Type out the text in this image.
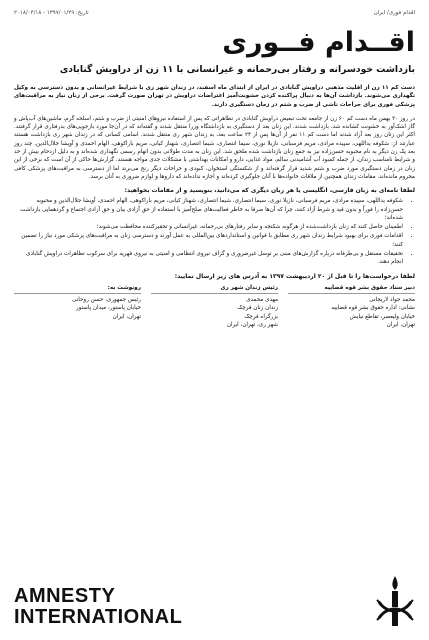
اقدام فوری/ ایران
تاریخ: ۱۳۹۷/۰۱/۲۹ - ۲۰۱۸/۰۴/۱۸
اقــدام فــوری
بازداشت خودسرانه و رفتار بی‌رحمانه و غیرانسانی با ۱۱ زن از دراویش گنابادی

دست کم ۱۱ زن از اقلیت مذهبی دراویش گنابادی در ایران از ابتدای ماه اسفند، در زندان شهر ری با شرایط غیرانسانی و بدون دسترسی به وکیل نگهداری می‌شوند. بازداشت آن‌ها به دنبال پراکنده کردن خشونت‌آمیز اعتراضات دراویش در تهران صورت گرفت. برخی از زنان نیاز به مراقبت‌های پزشکی فوری برای جراحات ناشی از ضرب و شتم در زمان دستگیری دارند.

در روز ۳۰ بهمن ماه دست کم ۶۰ زن از جامعه تحت تبعیض دراویش گنابادی در تظاهراتی که پس از استفاده نیروهای امنیتی از ضرب و شتم، اسلحه گرم، ماشین‌های آب‌پاش و گاز اشک‌آور به خشونت کشانده شد، بازداشت شدند. این زنان بعد از دستگیری به بازداشتگاه وزرا منتقل شدند و گفته‌اند که در آن‌جا مورد بازجویی‌های بدرفتاری قرار گرفتند. اکثر این زنان روز بعد آزاد شدند اما دست کم ۱۱ نفر از آن‌ها پس از ۲۴ ساعت بعد، به زندان شهر ری منتقل شدند. اسامی کسانی که در زندان شهر ری بازداشت هستند عبارتند از: شکوفه یداللهی، سپیده مرادی، مریم فرسیانی، نازیلا نوری، سیما انتصاری، شیما انتصاری، شهناز کیانی، مریم باراکوهی، الهام احمدی و آویشا جلال‌الدین. چند روز بعد یک زن دیگر به نام محبوبه حسن‌زاده نیز به جمع زنان بازداشت شده ملحق شد. این زنان به مدت طولانی بدون اتهام رسمی نگهداری شده‌اند و به دلیل ازدحام بیش از حد و شرایط نامناسب زندان، از جمله کمبود آب آشامیدنی سالم، مواد غذایی، دارو و امکانات بهداشتی با مشکلات جدی مواجه هستند. گزارش‌ها حاکی از آن است که برخی از این زنان در زمان دستگیری مورد ضرب و شتم شدید قرار گرفته‌اند و از شکستگی استخوان، کبودی و جراحات دیگر رنج می‌برند اما از دسترسی به مراقبت‌های پزشکی کافی محروم مانده‌اند. مقامات زندان همچنین از ملاقات خانواده‌ها با آنان جلوگیری کرده‌اند و اجازه نداده‌اند که داروها و لوازم ضروری به آنان برسد.

لطفا نامه‌ای به زبان فارسی، انگلیسی یا هر زبان دیگری که می‌دانید، بنویسید و از مقامات بخواهید:
• شکوفه یداللهی، سپیده مرادی، مریم فرسیانی، نازیلا نوری، سیما انتصاری، شیما انتصاری، شهناز کیانی، مریم باراکوهی، الهام احمدی، آویشا جلال‌الدین و محبوبه حسن‌زاده را فوراً و بدون قید و شرط آزاد کنند، چرا که آن‌ها صرفا به خاطر فعالیت‌های صلح‌آمیز با استفاده از حق آزادی بیان و حق آزادی اجتماع و گردهمایی بازداشت شده‌اند؛
• اطمینان حاصل کنند که زنان بازداشت‌شده از هرگونه شکنجه و سایر رفتارهای بی‌رحمانه، غیرانسانی و تحقیرکننده محافظت می‌شوند؛
• اقدامات فوری برای بهبود شرایط زندان شهر ری مطابق با قوانین و استانداردهای بین‌المللی به عمل آورند و دسترسی زنان به مراقبت‌های پزشکی مورد نیاز را تضمین کنند؛
• تحقیقات مستقل و بی‌طرفانه درباره گزارش‌های مبنی بر توسل غیرضروری و گزاف نیروی انتظامی و امنیتی به نیروی قهریه برای سرکوب تظاهرات دراویش گنابادی انجام دهند.
لطفا درخواست‌ها را تا قبل از ۲۰ اردیبهشت ۱۳۹۷ به آدرس های زیر ارسال نمایید:
دبیر ستاد حقوق بشر قوه قضاییه
محمد جواد لاریجانی
نشانی: اداره حقوق بشر قوه قضاییه
خیابان ولیعصر، تقاطع نیایش
تهران، ایران
رئیس زندان شهر ری
مهدی محمدی
زندان زنان قرچک
بزرگراه قرچک
شهر ری، تهران، ایران
رونوشت به:
رئیس جمهوری، حسن روحانی
خیابان پاستور، میدان پاستور
تهران، ایران
AMNESTY
INTERNATIONAL
